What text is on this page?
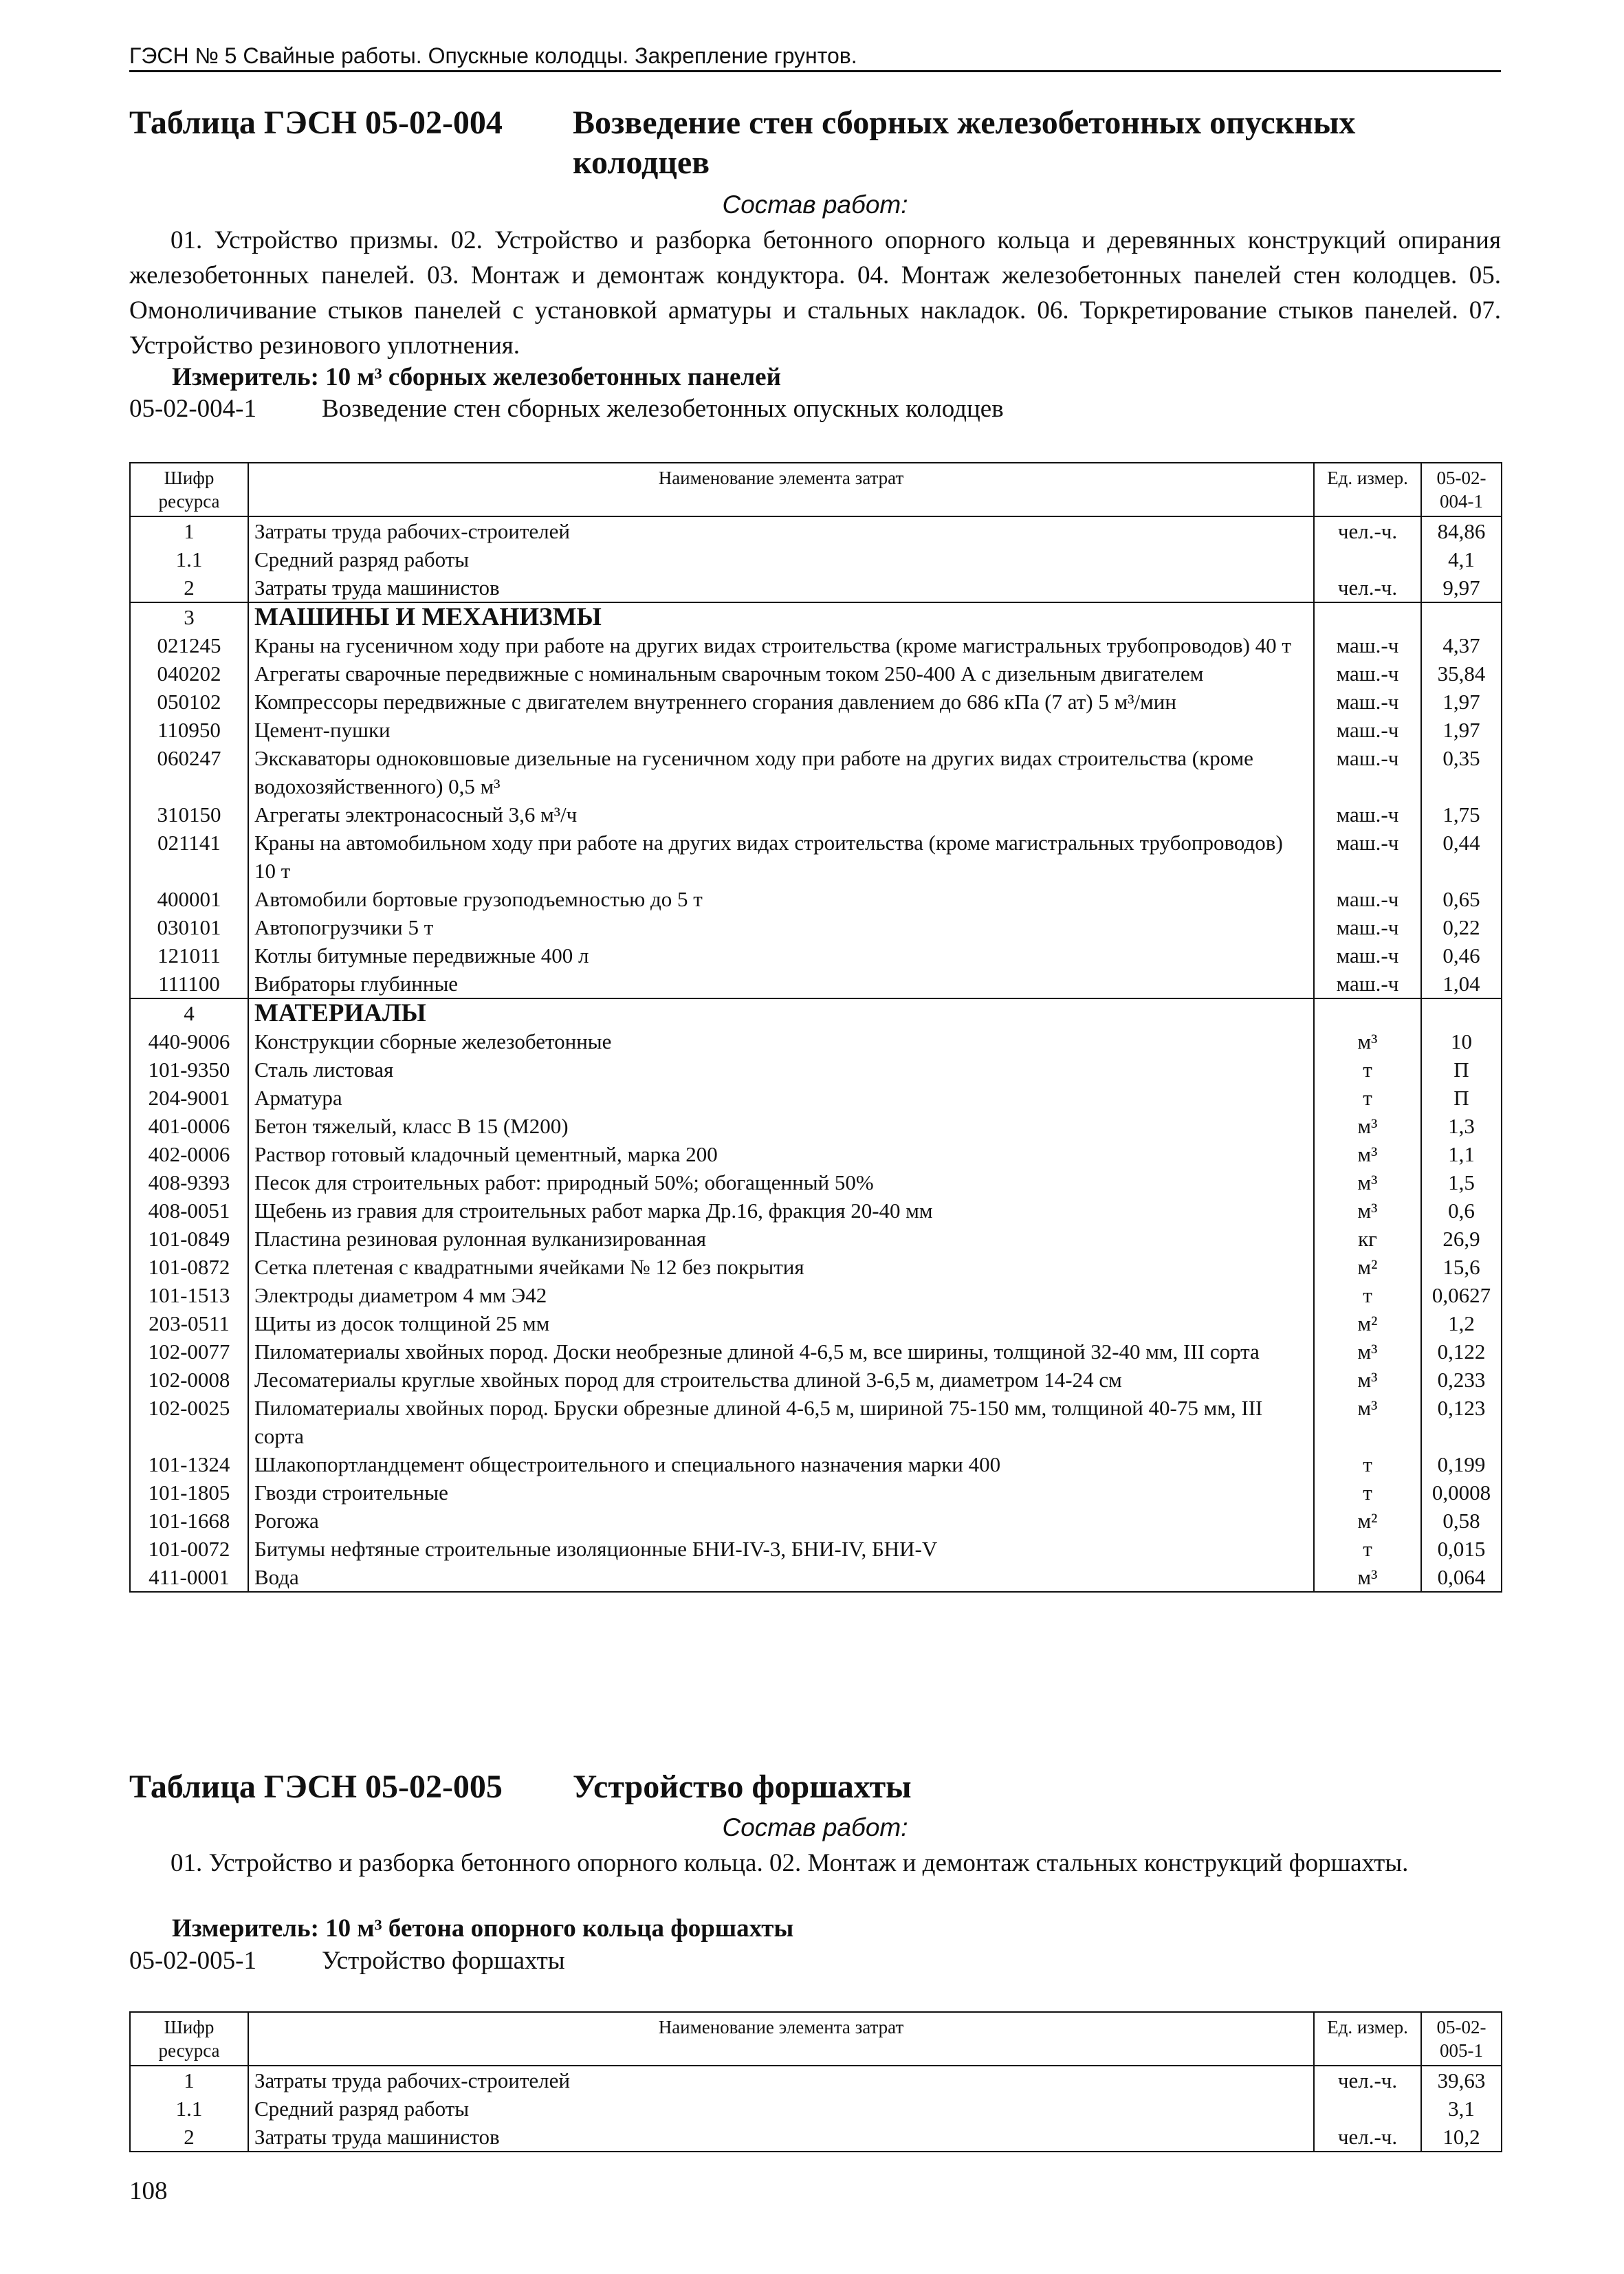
ГЭСН № 5 Свайные работы. Опускные колодцы. Закрепление грунтов.
Таблица ГЭСН 05-02-004 Возведение стен сборных железобетонных опускных колодцев
Состав работ:
01. Устройство призмы. 02. Устройство и разборка бетонного опорного кольца и деревянных конструкций опирания железобетонных панелей. 03. Монтаж и демонтаж кондуктора. 04. Монтаж железобетонных панелей стен колодцев. 05. Омоноличивание стыков панелей с установкой арматуры и стальных накладок. 06. Торкретирование стыков панелей. 07. Устройство резинового уплотнения.
Измеритель: 10 м³ сборных железобетонных панелей
05-02-004-1	Возведение стен сборных железобетонных опускных колодцев
Шифр ресурса	Наименование элемента затрат	Ед. измер.	05-02-004-1
1	Затраты труда рабочих-строителей	чел.-ч.	84,86
1.1	Средний разряд работы		4,1
2	Затраты труда машинистов	чел.-ч.	9,97
3	МАШИНЫ И МЕХАНИЗМЫ		
021245	Краны на гусеничном ходу при работе на других видах строительства (кроме магистральных трубопроводов) 40 т	маш.-ч	4,37
040202	Агрегаты сварочные передвижные с номинальным сварочным током 250-400 А с дизельным двигателем	маш.-ч	35,84
050102	Компрессоры передвижные с двигателем внутреннего сгорания давлением до 686 кПа (7 ат) 5 м³/мин	маш.-ч	1,97
110950	Цемент-пушки	маш.-ч	1,97
060247	Экскаваторы одноковшовые дизельные на гусеничном ходу при работе на других видах строительства (кроме водохозяйственного) 0,5 м³	маш.-ч	0,35
310150	Агрегаты электронасосный 3,6 м³/ч	маш.-ч	1,75
021141	Краны на автомобильном ходу при работе на других видах строительства (кроме магистральных трубопроводов) 10 т	маш.-ч	0,44
400001	Автомобили бортовые грузоподъемностью до 5 т	маш.-ч	0,65
030101	Автопогрузчики 5 т	маш.-ч	0,22
121011	Котлы битумные передвижные 400 л	маш.-ч	0,46
111100	Вибраторы глубинные	маш.-ч	1,04
4	МАТЕРИАЛЫ		
440-9006	Конструкции сборные железобетонные	м³	10
101-9350	Сталь листовая	т	П
204-9001	Арматура	т	П
401-0006	Бетон тяжелый, класс В 15 (М200)	м³	1,3
402-0006	Раствор готовый кладочный цементный, марка 200	м³	1,1
408-9393	Песок для строительных работ: природный 50%; обогащенный 50%	м³	1,5
408-0051	Щебень из гравия для строительных работ марка Др.16, фракция 20-40 мм	м³	0,6
101-0849	Пластина резиновая рулонная вулканизированная	кг	26,9
101-0872	Сетка плетеная с квадратными ячейками № 12 без покрытия	м²	15,6
101-1513	Электроды диаметром 4 мм Э42	т	0,0627
203-0511	Щиты из досок толщиной 25 мм	м²	1,2
102-0077	Пиломатериалы хвойных пород. Доски необрезные длиной 4-6,5 м, все ширины, толщиной 32-40 мм, III сорта	м³	0,122
102-0008	Лесоматериалы круглые хвойных пород для строительства длиной 3-6,5 м, диаметром 14-24 см	м³	0,233
102-0025	Пиломатериалы хвойных пород. Бруски обрезные длиной 4-6,5 м, шириной 75-150 мм, толщиной 40-75 мм, III сорта	м³	0,123
101-1324	Шлакопортландцемент общестроительного и специального назначения марки 400	т	0,199
101-1805	Гвозди строительные	т	0,0008
101-1668	Рогожа	м²	0,58
101-0072	Битумы нефтяные строительные изоляционные БНИ-IV-3, БНИ-IV, БНИ-V	т	0,015
411-0001	Вода	м³	0,064
Таблица ГЭСН 05-02-005 Устройство форшахты
Состав работ:
01. Устройство и разборка бетонного опорного кольца. 02. Монтаж и демонтаж стальных конструкций форшахты.
Измеритель: 10 м³ бетона опорного кольца форшахты
05-02-005-1	Устройство форшахты
Шифр ресурса	Наименование элемента затрат	Ед. измер.	05-02-005-1
1	Затраты труда рабочих-строителей	чел.-ч.	39,63
1.1	Средний разряд работы		3,1
2	Затраты труда машинистов	чел.-ч.	10,2
108
